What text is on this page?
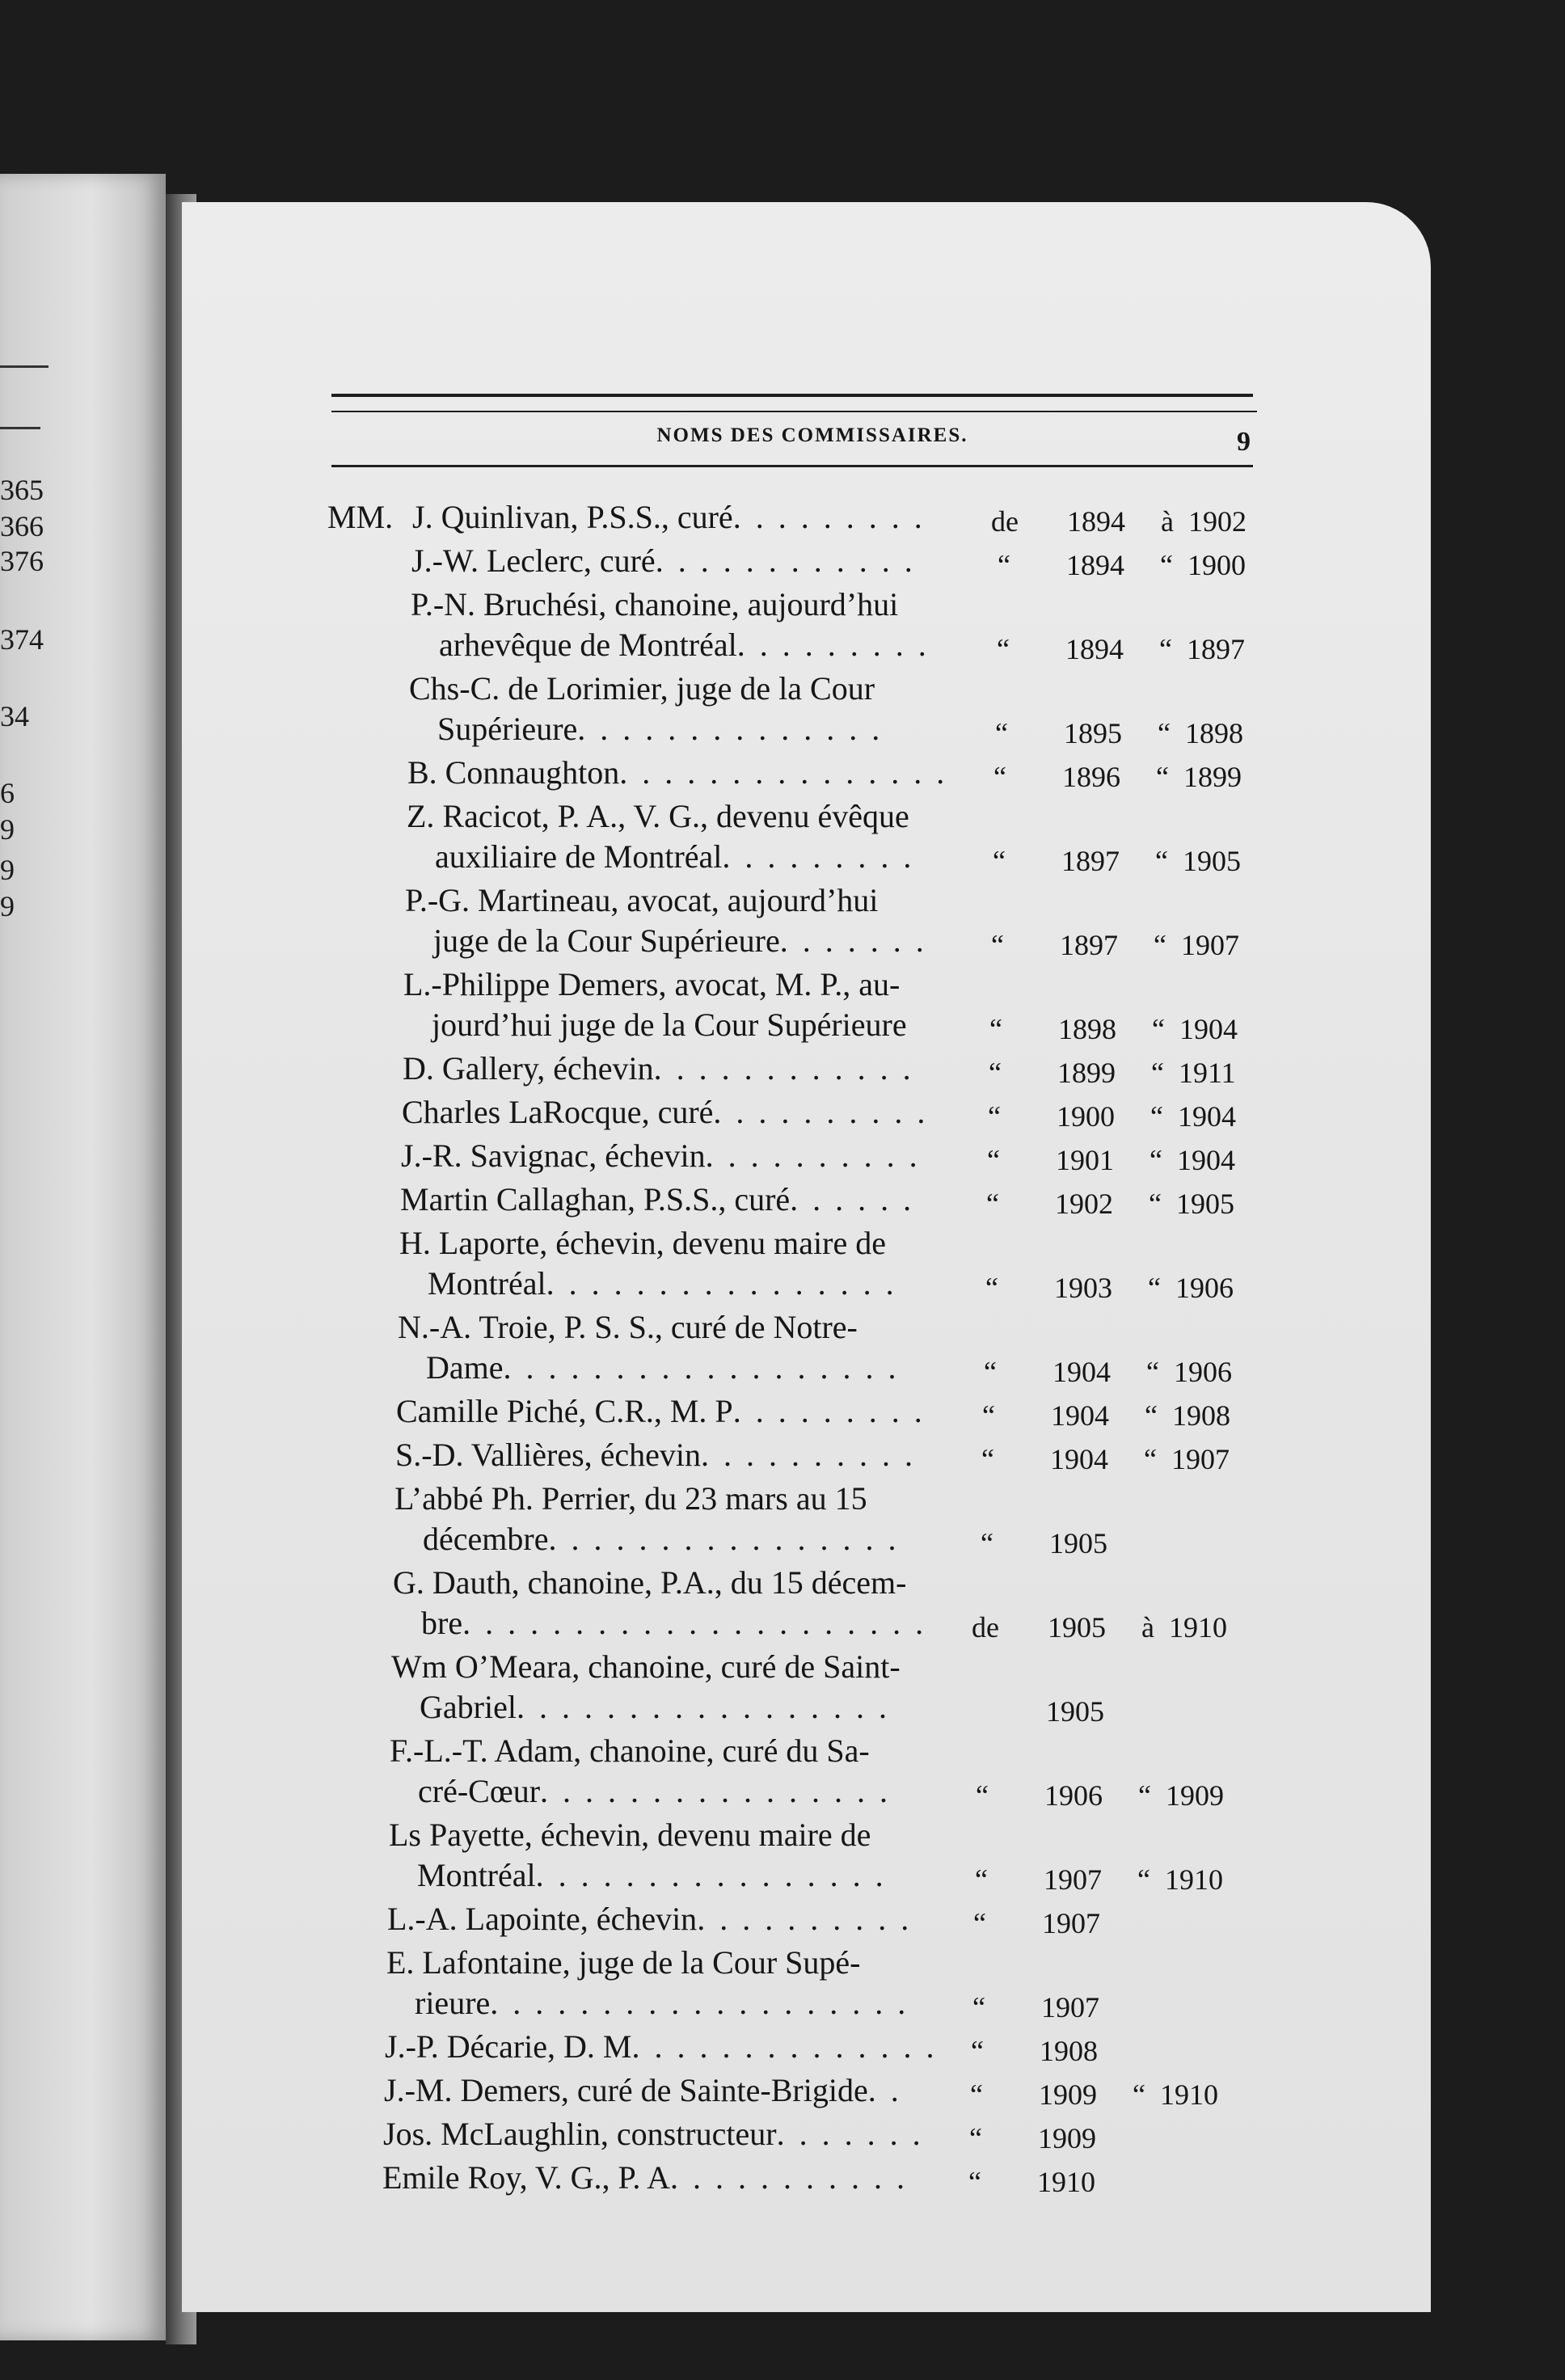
365
366
376
374
34
6
9
9
9
NOMS DES COMMISSAIRES.	9
MM. J. Quinlivan, P.S.S., curé. . . . . . . . . de 1894	à 1902
J.-W. Leclerc, curé. . . . . . . . . . . .	“	1894	“ 1900
P.-N. Bruchési, chanoine, aujourd’hui
arhevêque de Montréal. . . . . . . . .	“	1894	“ 1897
Chs-C. de Lorimier, juge de la Cour
Supérieure. . . . . . . . . . . . . .	“	1895	“ 1898
B. Connaughton. . . . . . . . . . . . . . .	“	1896	“ 1899
Z. Racicot, P. A., V. G., devenu évêque
auxiliaire de Montréal. . . . . . . . .	“	1897	“ 1905
P.-G. Martineau, avocat, aujourd’hui
juge de la Cour Supérieure. . . . . . .	“	1897	“ 1907
L.-Philippe Demers, avocat, M. P., au-
jourd’hui juge de la Cour Supérieure	“	1898	“ 1904
D. Gallery, échevin. . . . . . . . . . . .	“	1899	“ 1911
Charles LaRocque, curé. . . . . . . . . .	“	1900	“ 1904
J.-R. Savignac, échevin. . . . . . . . . .	“	1901	“ 1904
Martin Callaghan, P.S.S., curé. . . . . .	“	1902	“ 1905
H. Laporte, échevin, devenu maire de
Montréal. . . . . . . . . . . . . . . .	“	1903	“ 1906
N.-A. Troie, P. S. S., curé de Notre-
Dame. . . . . . . . . . . . . . . . . .	“	1904	“ 1906
Camille Piché, C.R., M. P. . . . . . . . .	“	1904	“ 1908
S.-D. Vallières, échevin. . . . . . . . . .	“	1904	“ 1907
L’abbé Ph. Perrier, du 23 mars au 15
décembre. . . . . . . . . . . . . . . .	“	1905
G. Dauth, chanoine, P.A., du 15 décem-
bre. . . . . . . . . . . . . . . . . . . . . de 1905	à 1910
Wm O’Meara, chanoine, curé de Saint-
Gabriel. . . . . . . . . . . . . . . . .	1905
F.-L.-T. Adam, chanoine, curé du Sa-
cré-Cœur. . . . . . . . . . . . . . . .	“	1906	“ 1909
Ls Payette, échevin, devenu maire de
Montréal. . . . . . . . . . . . . . . .	“	1907	“ 1910
L.-A. Lapointe, échevin. . . . . . . . . .	“	1907
E. Lafontaine, juge de la Cour Supé-
rieure. . . . . . . . . . . . . . . . . . .	“	1907
J.-P. Décarie, D. M. . . . . . . . . . . . . .	“	1908
J.-M. Demers, curé de Sainte-Brigide. .	“	1909	“ 1910
Jos. McLaughlin, constructeur. . . . . . .	“	1909
Emile Roy, V. G., P. A. . . . . . . . . . .	“	1910
